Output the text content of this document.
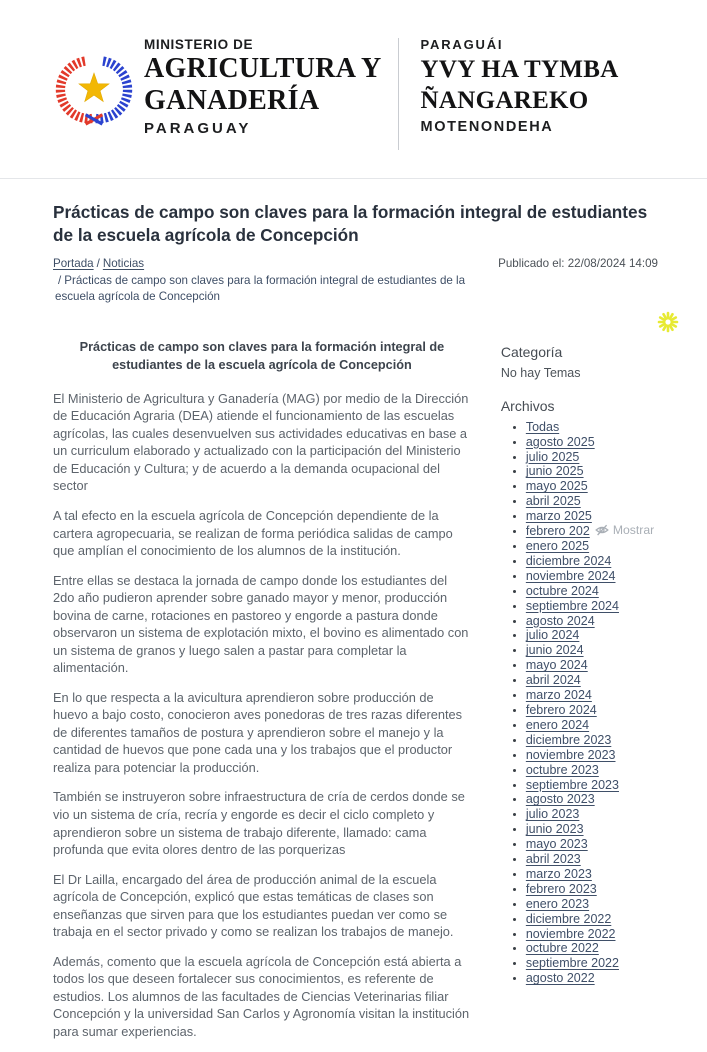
MINISTERIO DE
AGRICULTURA Y
GANADERÍA
PARAGUAY
PARAGUÁI
YVY HA TYMBA
ÑANGAREKO
MOTENONDEHA
Prácticas de campo son claves para la formación integral de estudiantes de la escuela agrícola de Concepción
Portada / Noticias
/ Prácticas de campo son claves para la formación integral de estudiantes de la escuela agrícola de Concepción
Publicado el: 22/08/2024 14:09
Prácticas de campo son claves para la formación integral de estudiantes de la escuela agrícola de Concepción

El Ministerio de Agricultura y Ganadería (MAG) por medio de la Dirección de Educación Agraria (DEA) atiende el funcionamiento de las escuelas agrícolas, las cuales desenvuelven sus actividades educativas en base a un curriculum elaborado y actualizado con la participación del Ministerio de Educación y Cultura; y de acuerdo a la demanda ocupacional del sector

A tal efecto en la escuela agrícola de Concepción dependiente de la cartera agropecuaria, se realizan de forma periódica salidas de campo que amplían el conocimiento de los alumnos de la institución.

Entre ellas se destaca la jornada de campo donde los estudiantes del 2do año pudieron aprender sobre ganado mayor y menor, producción bovina de carne, rotaciones en pastoreo y engorde a pastura donde observaron un sistema de explotación mixto, el bovino es alimentado con un sistema de granos y luego salen a pastar para completar la alimentación.

En lo que respecta a la avicultura aprendieron sobre producción de huevo a bajo costo, conocieron aves ponedoras de tres razas diferentes de diferentes tamaños de postura y aprendieron sobre el manejo y la cantidad de huevos que pone cada una y los trabajos que el productor realiza para potenciar la producción.

También se instruyeron sobre infraestructura de cría de cerdos donde se vio un sistema de cría, recría y engorde es decir el ciclo completo y aprendieron sobre un sistema de trabajo diferente, llamado: cama profunda que evita olores dentro de las porquerizas

El Dr Lailla, encargado del área de producción animal de la escuela agrícola de Concepción, explicó que estas temáticas de clases son enseñanzas que sirven para que los estudiantes puedan ver como se trabaja en el sector privado y como se realizan los trabajos de manejo.

Además, comento que la escuela agrícola de Concepción está abierta a todos los que deseen fortalecer sus conocimientos, es referente de estudios. Los alumnos de las facultades de Ciencias Veterinarias filiar Concepción y la universidad San Carlos y Agronomía visitan la institución para sumar experiencias.

Categoría
No hay Temas
Archivos
• Todas
• agosto 2025
• julio 2025
• junio 2025
• mayo 2025
• abril 2025
• marzo 2025
• febrero 202
• enero 2025
• diciembre 2024
• noviembre 2024
• octubre 2024
• septiembre 2024
• agosto 2024
• julio 2024
• junio 2024
• mayo 2024
• abril 2024
• marzo 2024
• febrero 2024
• enero 2024
• diciembre 2023
• noviembre 2023
• octubre 2023
• septiembre 2023
• agosto 2023
• julio 2023
• junio 2023
• mayo 2023
• abril 2023
• marzo 2023
• febrero 2023
• enero 2023
• diciembre 2022
• noviembre 2022
• octubre 2022
• septiembre 2022
• agosto 2022
Mostrar
